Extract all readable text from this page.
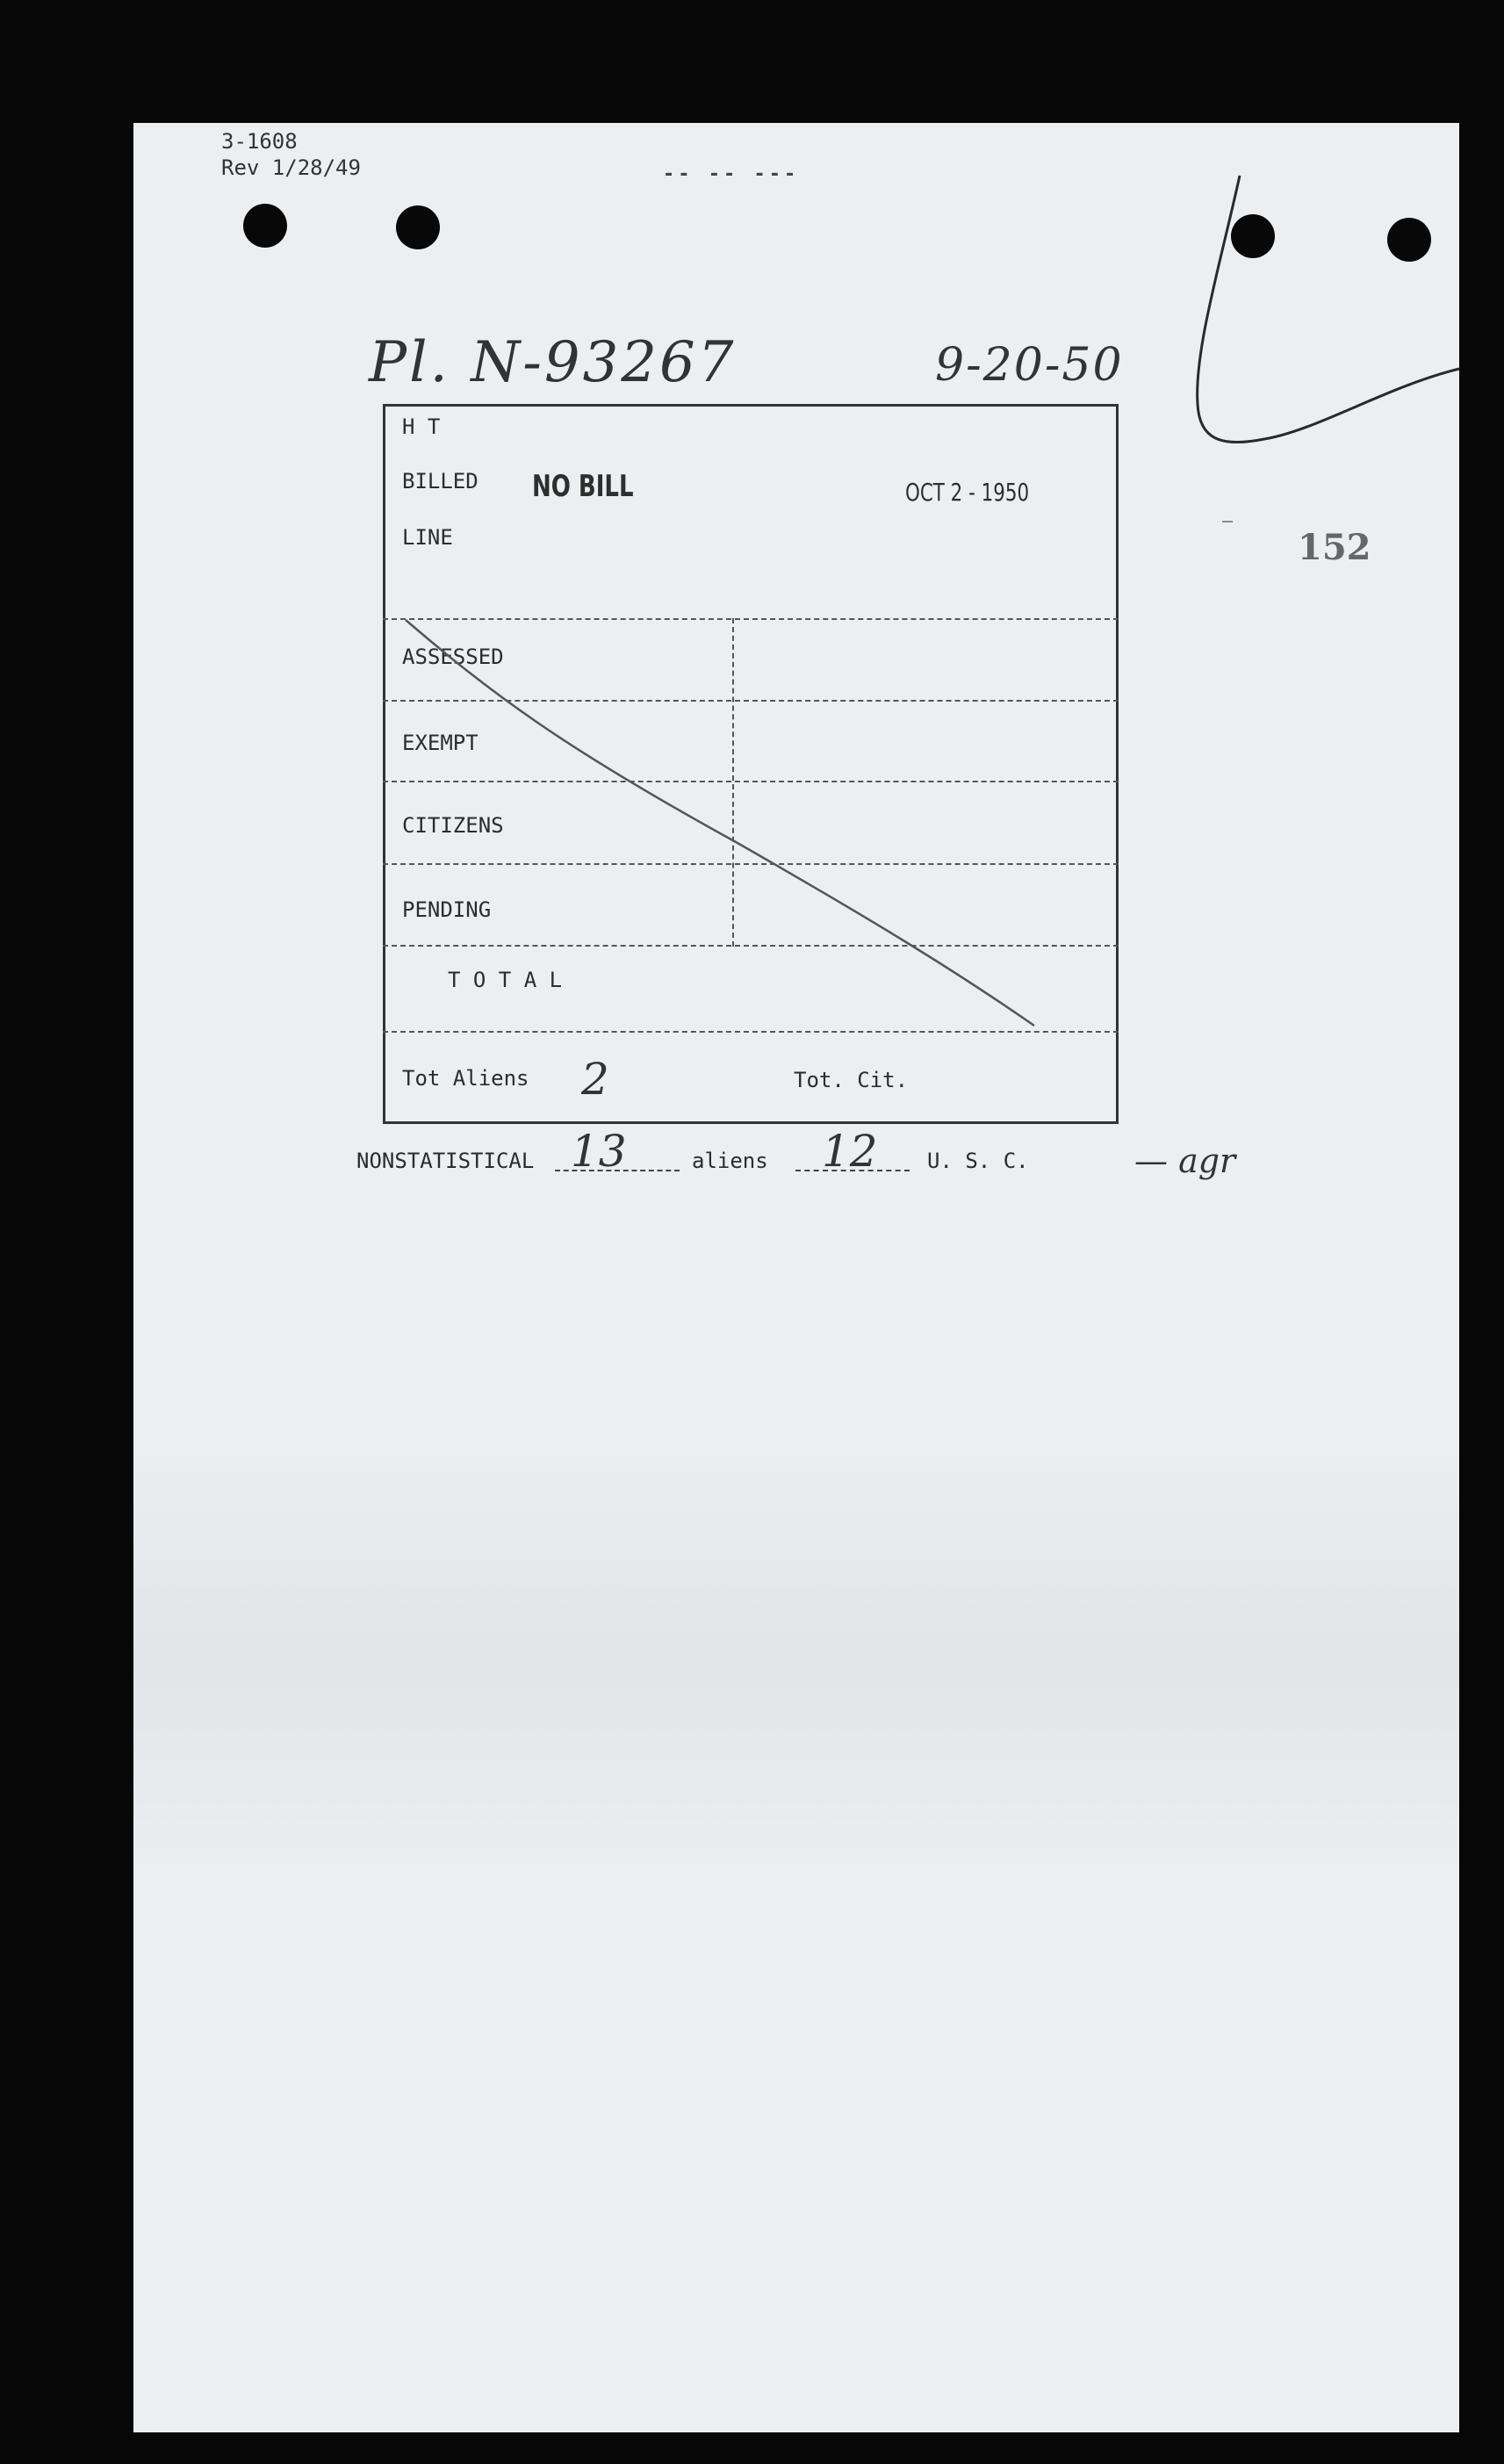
3-1608
Rev 1/28/49	-- -- ---
Pl. N-93267	9-20-50
152
H T
BILLED
LINE
NO BILL	OCT 2 - 1950
ASSESSED
EXEMPT
CITIZENS
PENDING
T O T A L
Tot Aliens 2	Tot. Cit.
NONSTATISTICAL 13	aliens 12 U. S. C.	— agr
